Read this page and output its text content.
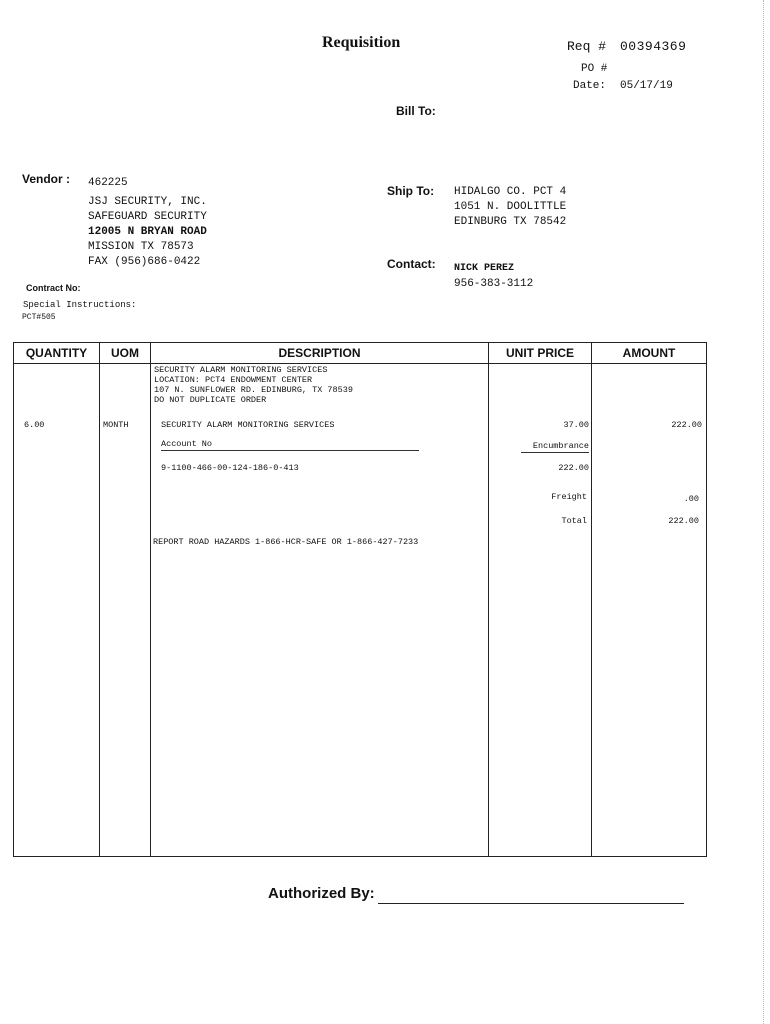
Requisition	Req # 00394369
PO #
Date: 05/17/19
Bill To:
Vendor : 462225
JSJ SECURITY, INC.
SAFEGUARD SECURITY
12005 N BRYAN ROAD
MISSION TX 78573
FAX (956)686-0422
Ship To: HIDALGO CO. PCT 4
1051 N. DOOLITTLE
EDINBURG TX 78542
Contact: NICK PEREZ
956-383-3112
Contract No:
Special Instructions:
PCT#505
QUANTITY	UOM	DESCRIPTION	UNIT PRICE	AMOUNT
SECURITY ALARM MONITORING SERVICES
LOCATION: PCT4 ENDOWMENT CENTER
107 N. SUNFLOWER RD. EDINBURG, TX 78539
DO NOT DUPLICATE ORDER
6.00	MONTH	SECURITY ALARM MONITORING SERVICES	37.00	222.00
Account No	Encumbrance
9-1100-466-00-124-186-0-413	222.00
Freight	.00
Total	222.00
REPORT ROAD HAZARDS 1-866-HCR-SAFE OR 1-866-427-7233
Authorized By:
